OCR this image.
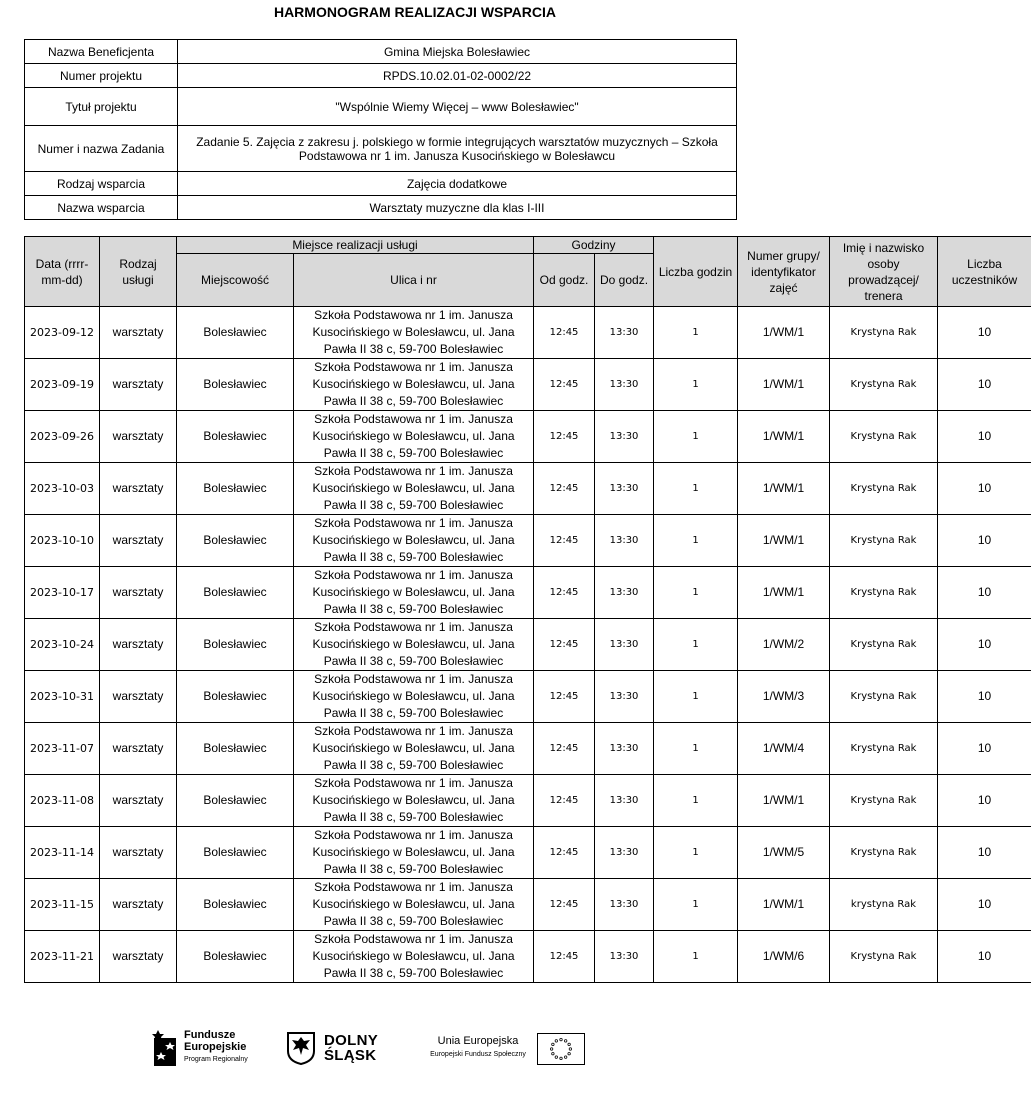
HARMONOGRAM REALIZACJI WSPARCIA
Nazwa Beneficjenta	Gmina Miejska Bolesławiec
Numer projektu	RPDS.10.02.01-02-0002/22
Tytuł projektu	"Wspólnie Wiemy Więcej – www Bolesławiec"
Numer i nazwa Zadania	Zadanie 5. Zajęcia z zakresu j. polskiego w formie integrujących warsztatów muzycznych – Szkoła Podstawowa nr 1 im. Janusza Kusocińskiego w Bolesławcu
Rodzaj wsparcia	Zajęcia dodatkowe
Nazwa wsparcia	Warsztaty muzyczne dla klas I-III
Data (rrrr-mm-dd)	Rodzaj usługi	Miejsce realizacji usługi		Godziny		Liczba godzin	Numer grupy/ identyfikator zajęć	Imię i nazwisko osoby prowadzącej/ trenera	Liczba uczestników
		Miejscowość	Ulica i nr	Od godz.	Do godz.				
2023-09-12	warsztaty	Bolesławiec	Szkoła Podstawowa nr 1 im. Janusza Kusocińskiego w Bolesławcu, ul. Jana Pawła II 38 c, 59-700 Bolesławiec	12:45	13:30	1	1/WM/1	Krystyna Rak	10
2023-09-19	warsztaty	Bolesławiec	Szkoła Podstawowa nr 1 im. Janusza Kusocińskiego w Bolesławcu, ul. Jana Pawła II 38 c, 59-700 Bolesławiec	12:45	13:30	1	1/WM/1	Krystyna Rak	10
2023-09-26	warsztaty	Bolesławiec	Szkoła Podstawowa nr 1 im. Janusza Kusocińskiego w Bolesławcu, ul. Jana Pawła II 38 c, 59-700 Bolesławiec	12:45	13:30	1	1/WM/1	Krystyna Rak	10
2023-10-03	warsztaty	Bolesławiec	Szkoła Podstawowa nr 1 im. Janusza Kusocińskiego w Bolesławcu, ul. Jana Pawła II 38 c, 59-700 Bolesławiec	12:45	13:30	1	1/WM/1	Krystyna Rak	10
2023-10-10	warsztaty	Bolesławiec	Szkoła Podstawowa nr 1 im. Janusza Kusocińskiego w Bolesławcu, ul. Jana Pawła II 38 c, 59-700 Bolesławiec	12:45	13:30	1	1/WM/1	Krystyna Rak	10
2023-10-17	warsztaty	Bolesławiec	Szkoła Podstawowa nr 1 im. Janusza Kusocińskiego w Bolesławcu, ul. Jana Pawła II 38 c, 59-700 Bolesławiec	12:45	13:30	1	1/WM/1	Krystyna Rak	10
2023-10-24	warsztaty	Bolesławiec	Szkoła Podstawowa nr 1 im. Janusza Kusocińskiego w Bolesławcu, ul. Jana Pawła II 38 c, 59-700 Bolesławiec	12:45	13:30	1	1/WM/2	Krystyna Rak	10
2023-10-31	warsztaty	Bolesławiec	Szkoła Podstawowa nr 1 im. Janusza Kusocińskiego w Bolesławcu, ul. Jana Pawła II 38 c, 59-700 Bolesławiec	12:45	13:30	1	1/WM/3	Krystyna Rak	10
2023-11-07	warsztaty	Bolesławiec	Szkoła Podstawowa nr 1 im. Janusza Kusocińskiego w Bolesławcu, ul. Jana Pawła II 38 c, 59-700 Bolesławiec	12:45	13:30	1	1/WM/4	Krystyna Rak	10
2023-11-08	warsztaty	Bolesławiec	Szkoła Podstawowa nr 1 im. Janusza Kusocińskiego w Bolesławcu, ul. Jana Pawła II 38 c, 59-700 Bolesławiec	12:45	13:30	1	1/WM/1	Krystyna Rak	10
2023-11-14	warsztaty	Bolesławiec	Szkoła Podstawowa nr 1 im. Janusza Kusocińskiego w Bolesławcu, ul. Jana Pawła II 38 c, 59-700 Bolesławiec	12:45	13:30	1	1/WM/5	Krystyna Rak	10
2023-11-15	warsztaty	Bolesławiec	Szkoła Podstawowa nr 1 im. Janusza Kusocińskiego w Bolesławcu, ul. Jana Pawła II 38 c, 59-700 Bolesławiec	12:45	13:30	1	1/WM/1	krystyna Rak	10
2023-11-21	warsztaty	Bolesławiec	Szkoła Podstawowa nr 1 im. Janusza Kusocińskiego w Bolesławcu, ul. Jana Pawła II 38 c, 59-700 Bolesławiec	12:45	13:30	1	1/WM/6	Krystyna Rak	10
Fundusze
Europejskie
Program Regionalny
DOLNY
ŚLĄSK
Unia Europejska
Europejski Fundusz Społeczny
